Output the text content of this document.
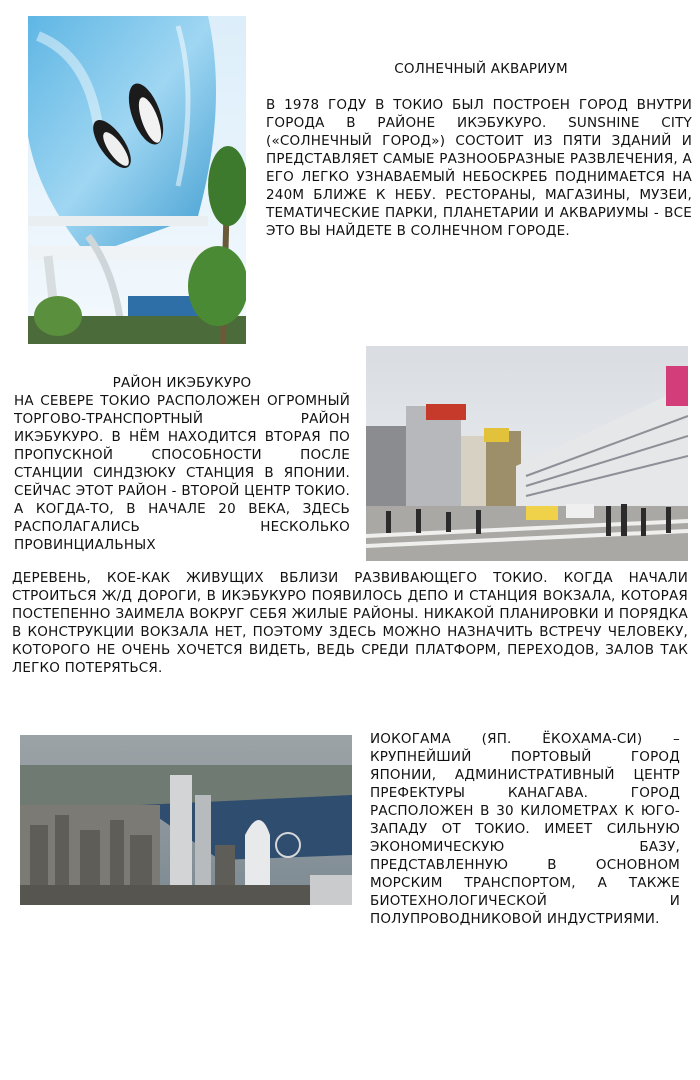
СОЛНЕЧНЫЙ АКВАРИУМ

В 1978 ГОДУ В ТОКИО БЫЛ ПОСТРОЕН ГОРОД ВНУТРИ ГОРОДА В РАЙОНЕ ИКЭБУКУРО. SUNSHINE CITY («СОЛНЕЧНЫЙ ГОРОД») СОСТОИТ ИЗ ПЯТИ ЗДАНИЙ И ПРЕДСТАВЛЯЕТ САМЫЕ РАЗНООБРАЗНЫЕ РАЗВЛЕЧЕНИЯ, А ЕГО ЛЕГКО УЗНАВАЕМЫЙ НЕБОСКРЕБ ПОДНИМАЕТСЯ НА 240М БЛИЖЕ К НЕБУ. РЕСТОРАНЫ, МАГАЗИНЫ, МУЗЕИ, ТЕМАТИЧЕСКИЕ ПАРКИ, ПЛАНЕТАРИИ И АКВАРИУМЫ - ВСЕ ЭТО ВЫ НАЙДЕТЕ В СОЛНЕЧНОМ ГОРОДЕ.

РАЙОН ИКЭБУКУРО

НА СЕВЕРЕ ТОКИО РАСПОЛОЖЕН ОГРОМНЫЙ ТОРГОВО-ТРАНСПОРТНЫЙ РАЙОН ИКЭБУКУРО. В НЁМ НАХОДИТСЯ ВТОРАЯ ПО ПРОПУСКНОЙ СПОСОБНОСТИ ПОСЛЕ СТАНЦИИ СИНДЗЮКУ СТАНЦИЯ В ЯПОНИИ. СЕЙЧАС ЭТОТ РАЙОН - ВТОРОЙ ЦЕНТР ТОКИО. А КОГДА-ТО, В НАЧАЛЕ 20 ВЕКА, ЗДЕСЬ РАСПОЛАГАЛИСЬ НЕСКОЛЬКО ПРОВИНЦИАЛЬНЫХ

ДЕРЕВЕНЬ, КОЕ-КАК ЖИВУЩИХ ВБЛИЗИ РАЗВИВАЮЩЕГО ТОКИО. КОГДА НАЧАЛИ СТРОИТЬСЯ Ж/Д ДОРОГИ, В ИКЭБУКУРО ПОЯВИЛОСЬ ДЕПО И СТАНЦИЯ ВОКЗАЛА, КОТОРАЯ ПОСТЕПЕННО ЗАИМЕЛА ВОКРУГ СЕБЯ ЖИЛЫЕ РАЙОНЫ. НИКАКОЙ ПЛАНИРОВКИ И ПОРЯДКА В КОНСТРУКЦИИ ВОКЗАЛА НЕТ, ПОЭТОМУ ЗДЕСЬ МОЖНО НАЗНАЧИТЬ ВСТРЕЧУ ЧЕЛОВЕКУ, КОТОРОГО НЕ ОЧЕНЬ ХОЧЕТСЯ ВИДЕТЬ, ВЕДЬ СРЕДИ ПЛАТФОРМ, ПЕРЕХОДОВ, ЗАЛОВ ТАК ЛЕГКО ПОТЕРЯТЬСЯ.

ИОКОГАМА (ЯП. ЁКОХАМА-СИ) – КРУПНЕЙШИЙ ПОРТОВЫЙ ГОРОД ЯПОНИИ, АДМИНИСТРАТИВНЫЙ ЦЕНТР ПРЕФЕКТУРЫ КАНАГАВА. ГОРОД РАСПОЛОЖЕН В 30 КИЛОМЕТРАХ К ЮГО-ЗАПАДУ ОТ ТОКИО. ИМЕЕТ СИЛЬНУЮ ЭКОНОМИЧЕСКУЮ БАЗУ, ПРЕДСТАВЛЕННУЮ В ОСНОВНОМ МОРСКИМ ТРАНСПОРТОМ, А ТАКЖЕ БИОТЕХНОЛОГИЧЕСКОЙ И ПОЛУПРОВОДНИКОВОЙ ИНДУСТРИЯМИ.
